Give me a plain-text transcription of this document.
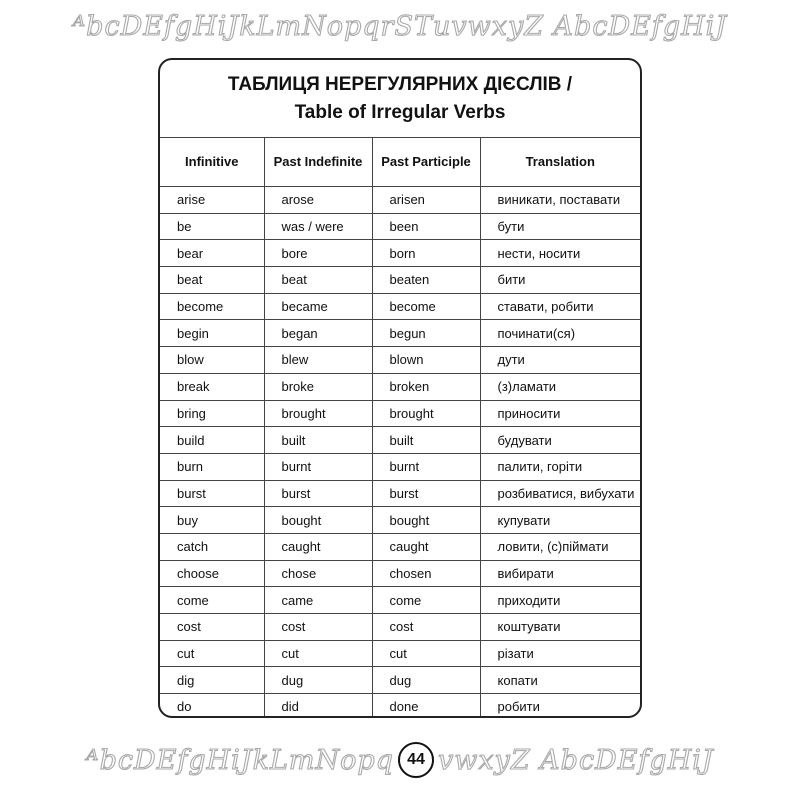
ᴬbcDEfgHiJkLmNopqrSTuvwxyZ AbcDEfgHiJ
ТАБЛИЦЯ НЕРЕГУЛЯРНИХ ДІЄСЛІВ /
Table of Irregular Verbs
Infinitive	Past Indefinite	Past Participle	Translation
arise	arose	arisen	виникати, поставати
be	was / were	been	бути
bear	bore	born	нести, носити
beat	beat	beaten	бити
become	became	become	ставати, робити
begin	began	begun	починати(ся)
blow	blew	blown	дути
break	broke	broken	(з)ламати
bring	brought	brought	приносити
build	built	built	будувати
burn	burnt	burnt	палити, горіти
burst	burst	burst	розбиватися, вибухати
buy	bought	bought	купувати
catch	caught	caught	ловити, (с)піймати
choose	chose	chosen	вибирати
come	came	come	приходити
cost	cost	cost	коштувати
cut	cut	cut	різати
dig	dug	dug	копати
do	did	done	робити
ᴬbcDEfgHiJkLmNopq 44 vwxyZ AbcDEfgHiJ
